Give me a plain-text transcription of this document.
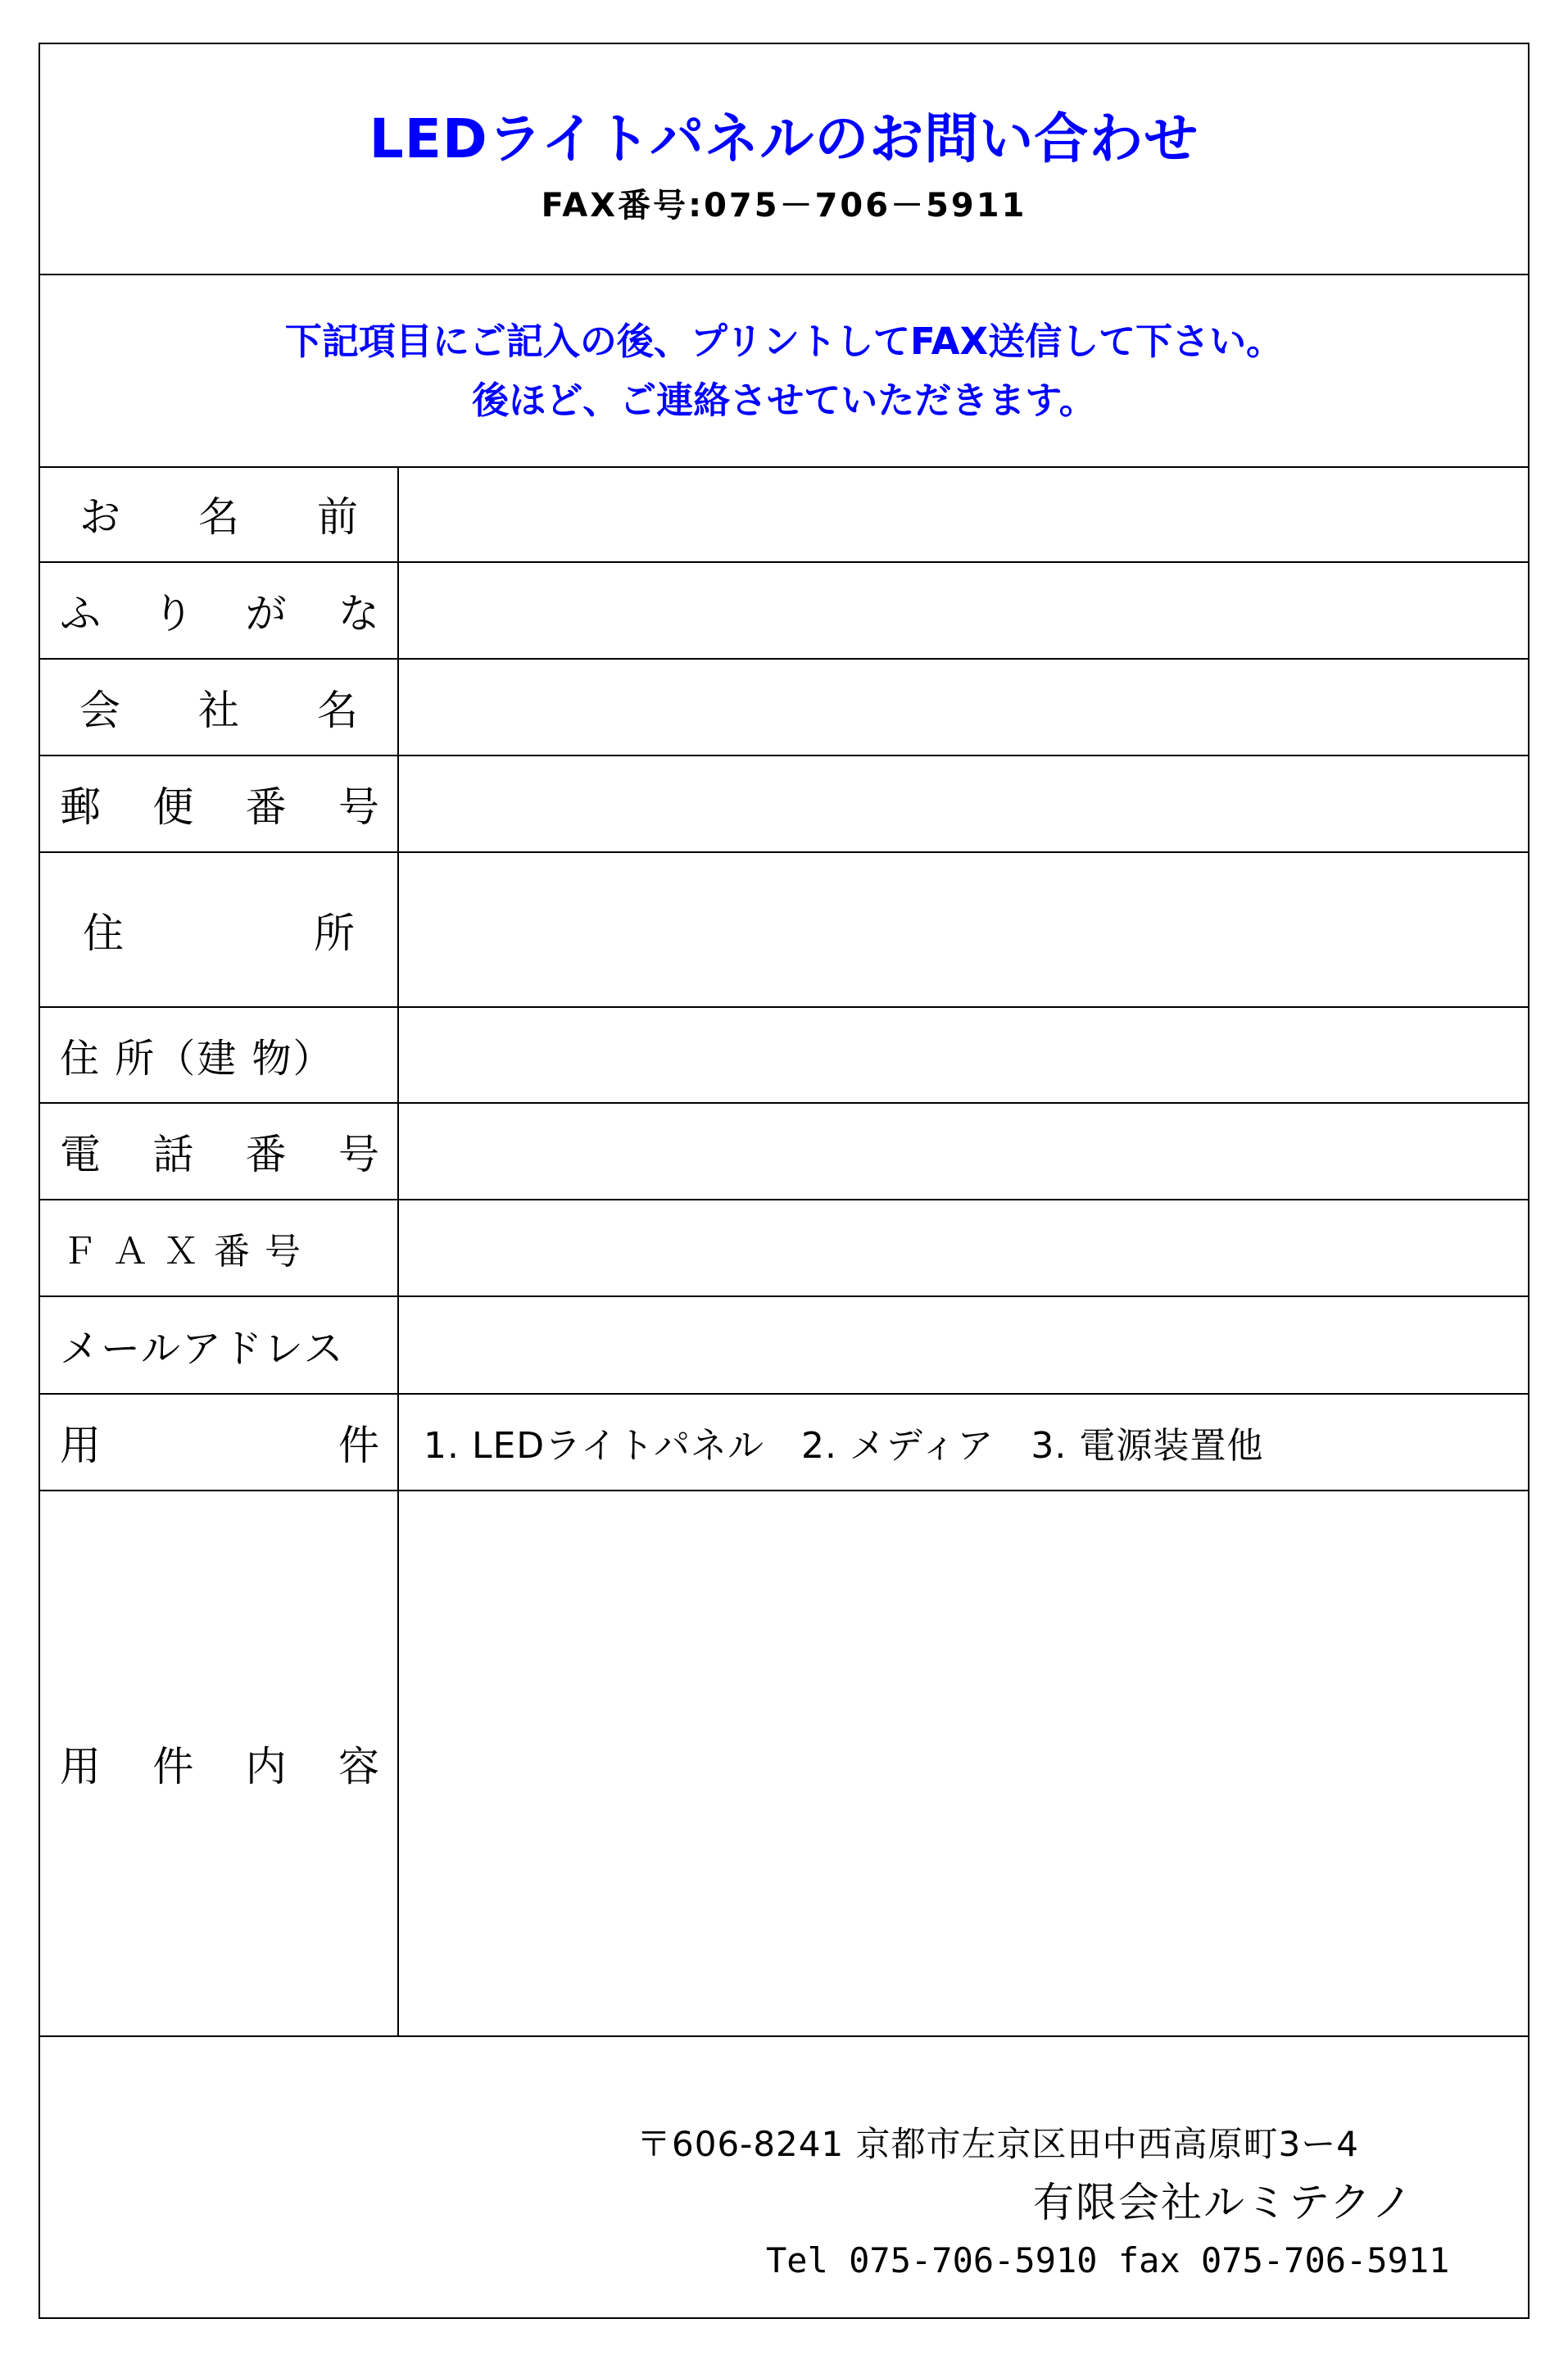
LEDライトパネルのお問い合わせ
FAX番号:075－706－5911
下記項目にご記入の後、プリントしてFAX送信して下さい。
後ほど、ご連絡させていただきます。
お 名 前
ふ り が な
会 社 名
郵 便 番 号
住	所
住 所（建 物）
電 話 番 号
ＦＡＸ番号
メールアドレス
用	件	1. LEDライトパネル　2. メディア　3. 電源装置他
用 件 内 容
〒606-8241 京都市左京区田中西高原町3ー4
有限会社ルミテクノ
Tel 075-706-5910 fax 075-706-5911
